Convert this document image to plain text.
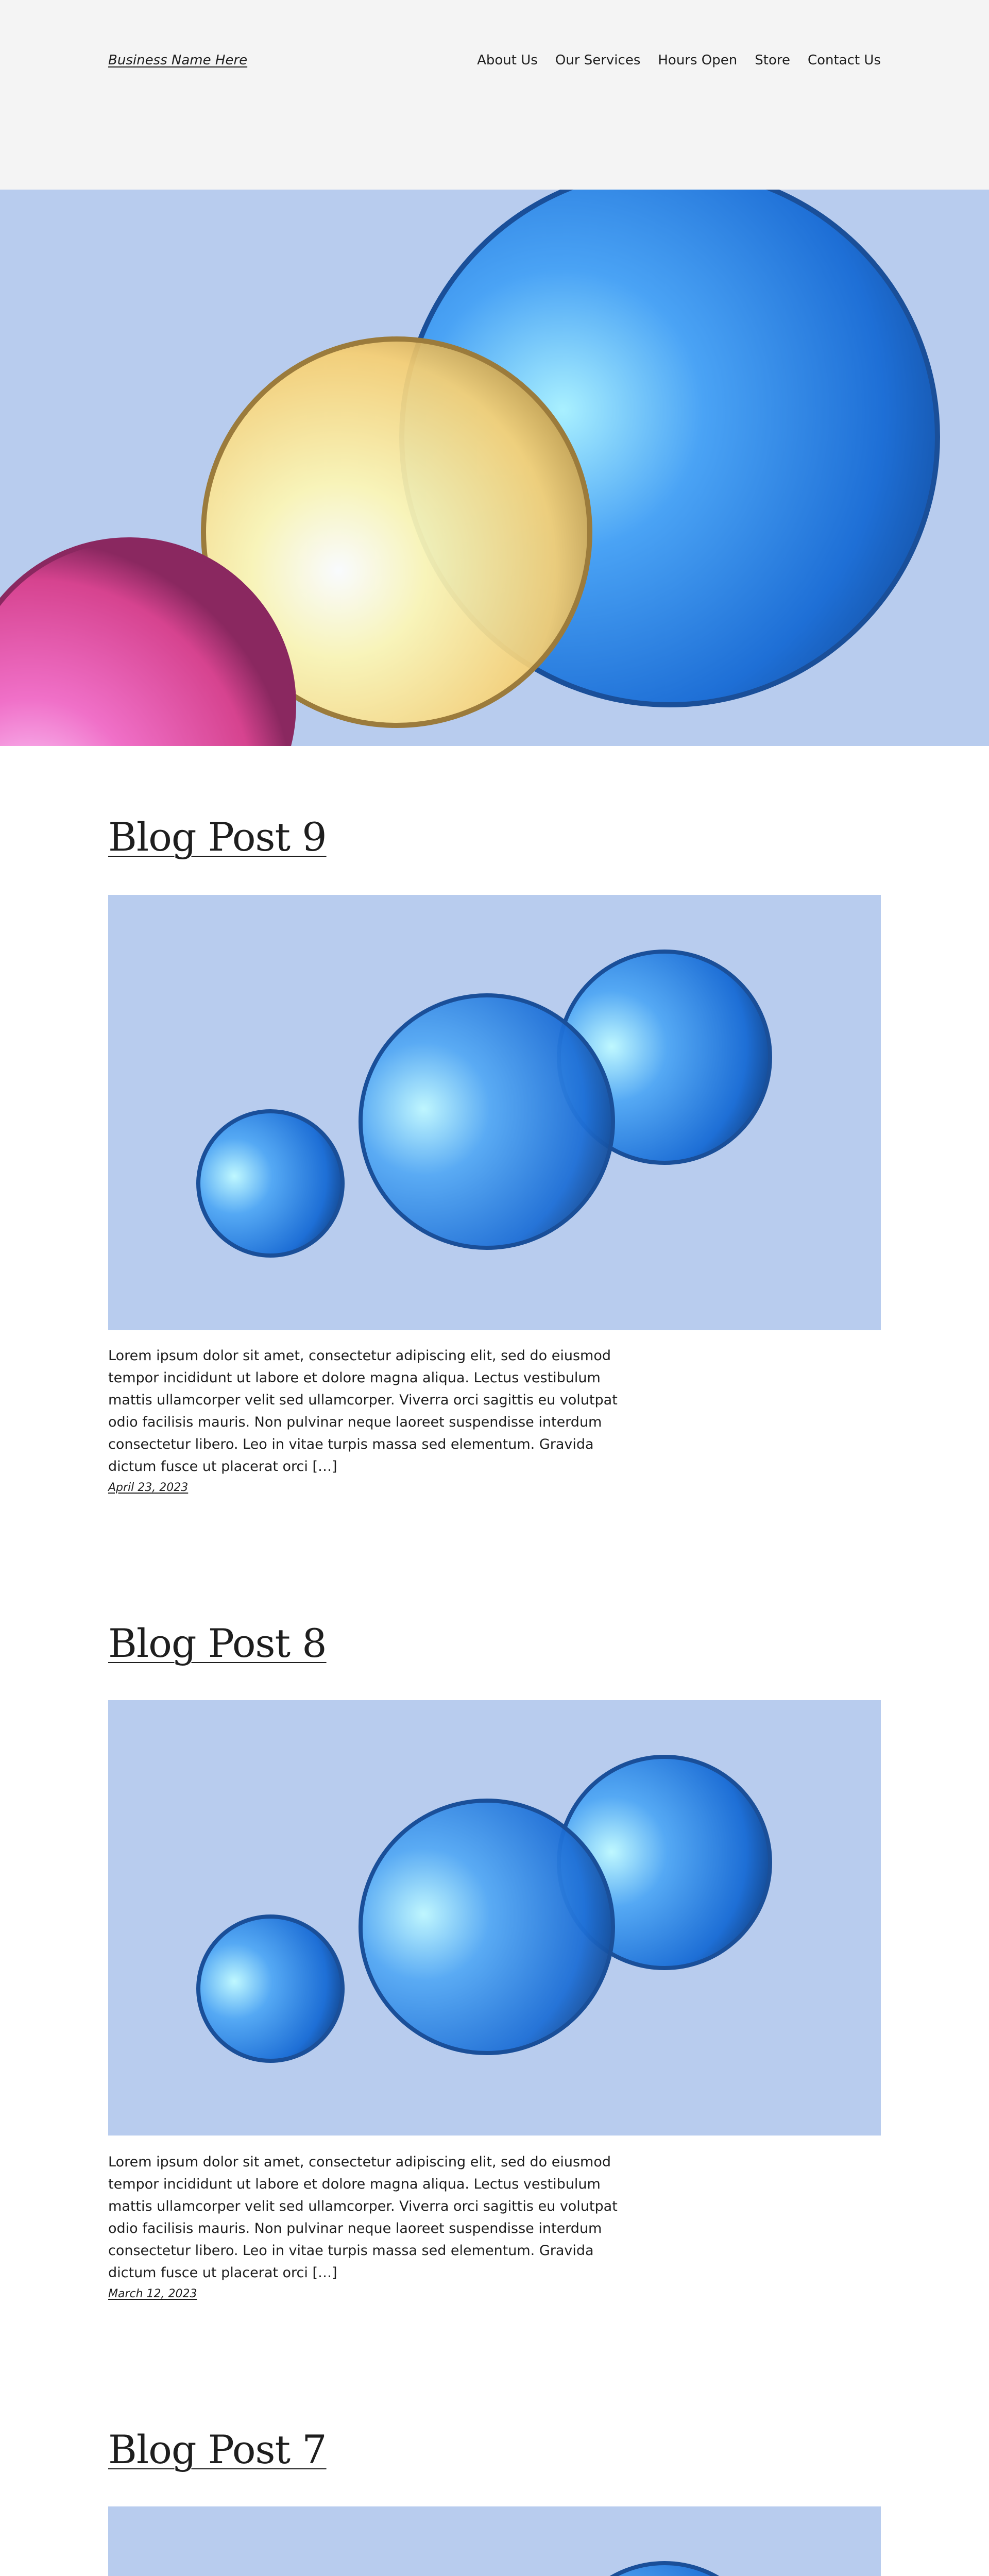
Business Name Here	About Us Our Services Hours Open Store Contact Us
Blog Post 9

Lorem ipsum dolor sit amet, consectetur adipiscing elit, sed do eiusmod tempor incididunt ut labore et dolore magna aliqua. Lectus vestibulum mattis ullamcorper velit sed ullamcorper. Viverra orci sagittis eu volutpat odio facilisis mauris. Non pulvinar neque laoreet suspendisse interdum consectetur libero. Leo in vitae turpis massa sed elementum. Gravida dictum fusce ut placerat orci […]

April 23, 2023
Blog Post 8

Lorem ipsum dolor sit amet, consectetur adipiscing elit, sed do eiusmod tempor incididunt ut labore et dolore magna aliqua. Lectus vestibulum mattis ullamcorper velit sed ullamcorper. Viverra orci sagittis eu volutpat odio facilisis mauris. Non pulvinar neque laoreet suspendisse interdum consectetur libero. Leo in vitae turpis massa sed elementum. Gravida dictum fusce ut placerat orci […]

March 12, 2023
Blog Post 7
